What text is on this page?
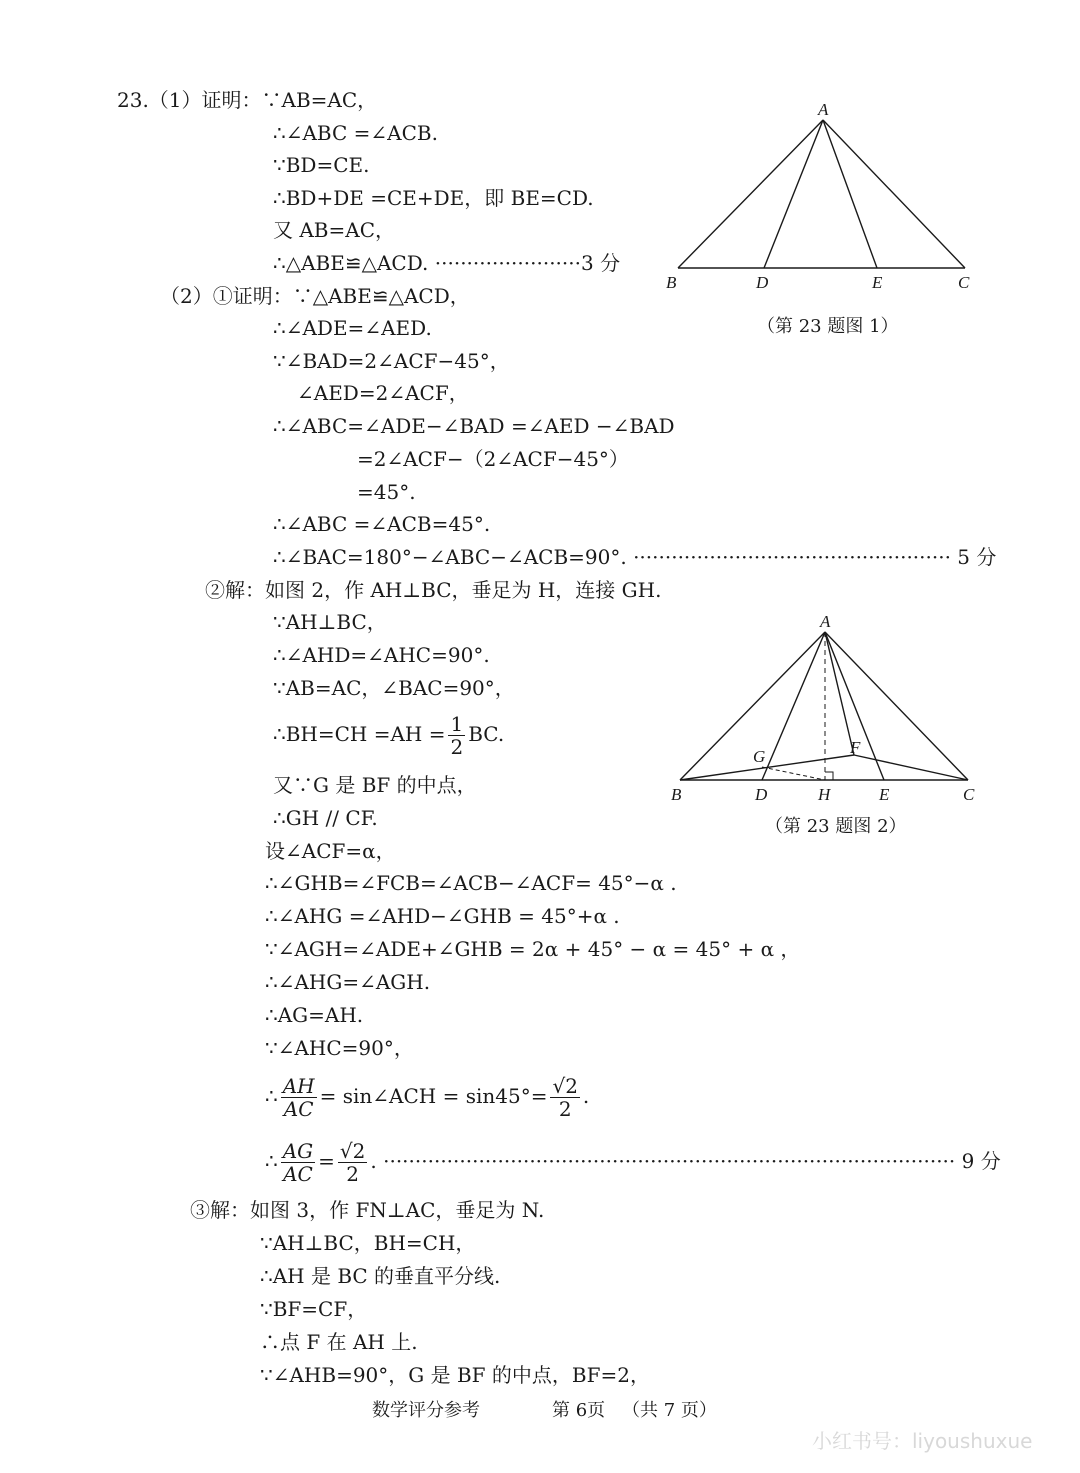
23.（1）证明：∵AB=AC，
∴∠ABC =∠ACB.
∵BD=CE.
∴BD+DE =CE+DE，即 BE=CD.
又 AB=AC，
∴△ABE≌△ACD. ·······················3 分
（2）①证明：∵△ABE≌△ACD，
∴∠ADE=∠AED.
∵∠BAD=2∠ACF−45°，
∠AED=2∠ACF，
∴∠ABC=∠ADE−∠BAD =∠AED −∠BAD
=2∠ACF−（2∠ACF−45°）
=45°.
∴∠ABC =∠ACB=45°.
∴∠BAC=180°−∠ABC−∠ACB=90°. ·················································· 5 分
②解：如图 2，作 AH⊥BC，垂足为 H，连接 GH.
∵AH⊥BC，
∴∠AHD=∠AHC=90°.
∵AB=AC，∠BAC=90°，
∴BH=CH $=AH = \frac{1}{2}$ BC.
又∵G 是 BF 的中点，
∴GH // CF.
设∠ACF=α，
∴∠GHB=∠FCB=∠ACB−∠ACF= 45°−α .
∴∠AHG =∠AHD−∠GHB = 45°+α .
∵∠AGH=∠ADE+∠GHB = 2α + 45° − α = 45° + α ，
∴∠AHG=∠AGH.
∴AG=AH.
∵∠AHC=90°，
∴ $\frac{AH}{AC}$ = sin∠ACH = $\sin 45^\circ= \frac{√2}{2}$ .
∴ $\frac{AG}{AC} = \frac{√2}{2}$ . ·························································································· 9 分
③解：如图 3，作 FN⊥AC，垂足为 N.
∵AH⊥BC，BH=CH，
∴AH 是 BC 的垂直平分线.
∵BF=CF，
∴点 F 在 AH 上.
∵∠AHB=90°，G 是 BF 的中点，BF=2，
A
B	D	E	C
（第 23 题图 1）
A
B	D	H	E	C
G	F
（第 23 题图 2）
数学评分参考	第 6页 （共 7 页）
小红书号：liyoushuxue
